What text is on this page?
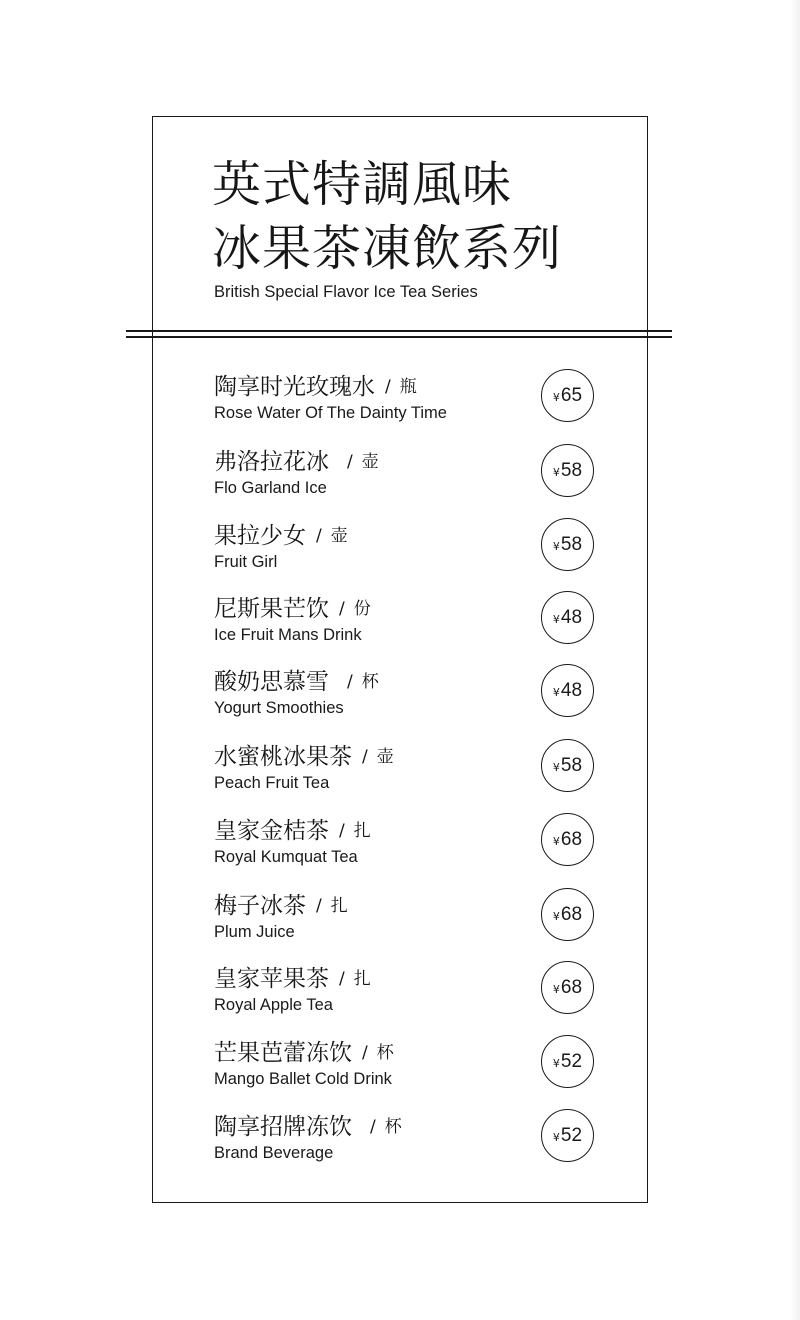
英式特調風味
冰果茶凍飲系列
British Special Flavor Ice Tea Series
陶享时光玫瑰水 / 瓶
Rose Water Of The Dainty Time
¥ 65
弗洛拉花冰 / 壶
Flo Garland Ice
¥ 58
果拉少女 / 壶
Fruit Girl
¥ 58
尼斯果芒饮 / 份
Ice Fruit Mans Drink
¥ 48
酸奶思慕雪 / 杯
Yogurt Smoothies
¥ 48
水蜜桃冰果茶 / 壶
Peach Fruit Tea
¥ 58
皇家金桔茶 / 扎
Royal Kumquat Tea
¥ 68
梅子冰茶 / 扎
Plum Juice
¥ 68
皇家苹果茶 / 扎
Royal Apple Tea
¥ 68
芒果芭蕾冻饮 / 杯
Mango Ballet Cold Drink
¥ 52
陶享招牌冻饮 / 杯
Brand Beverage
¥ 52
